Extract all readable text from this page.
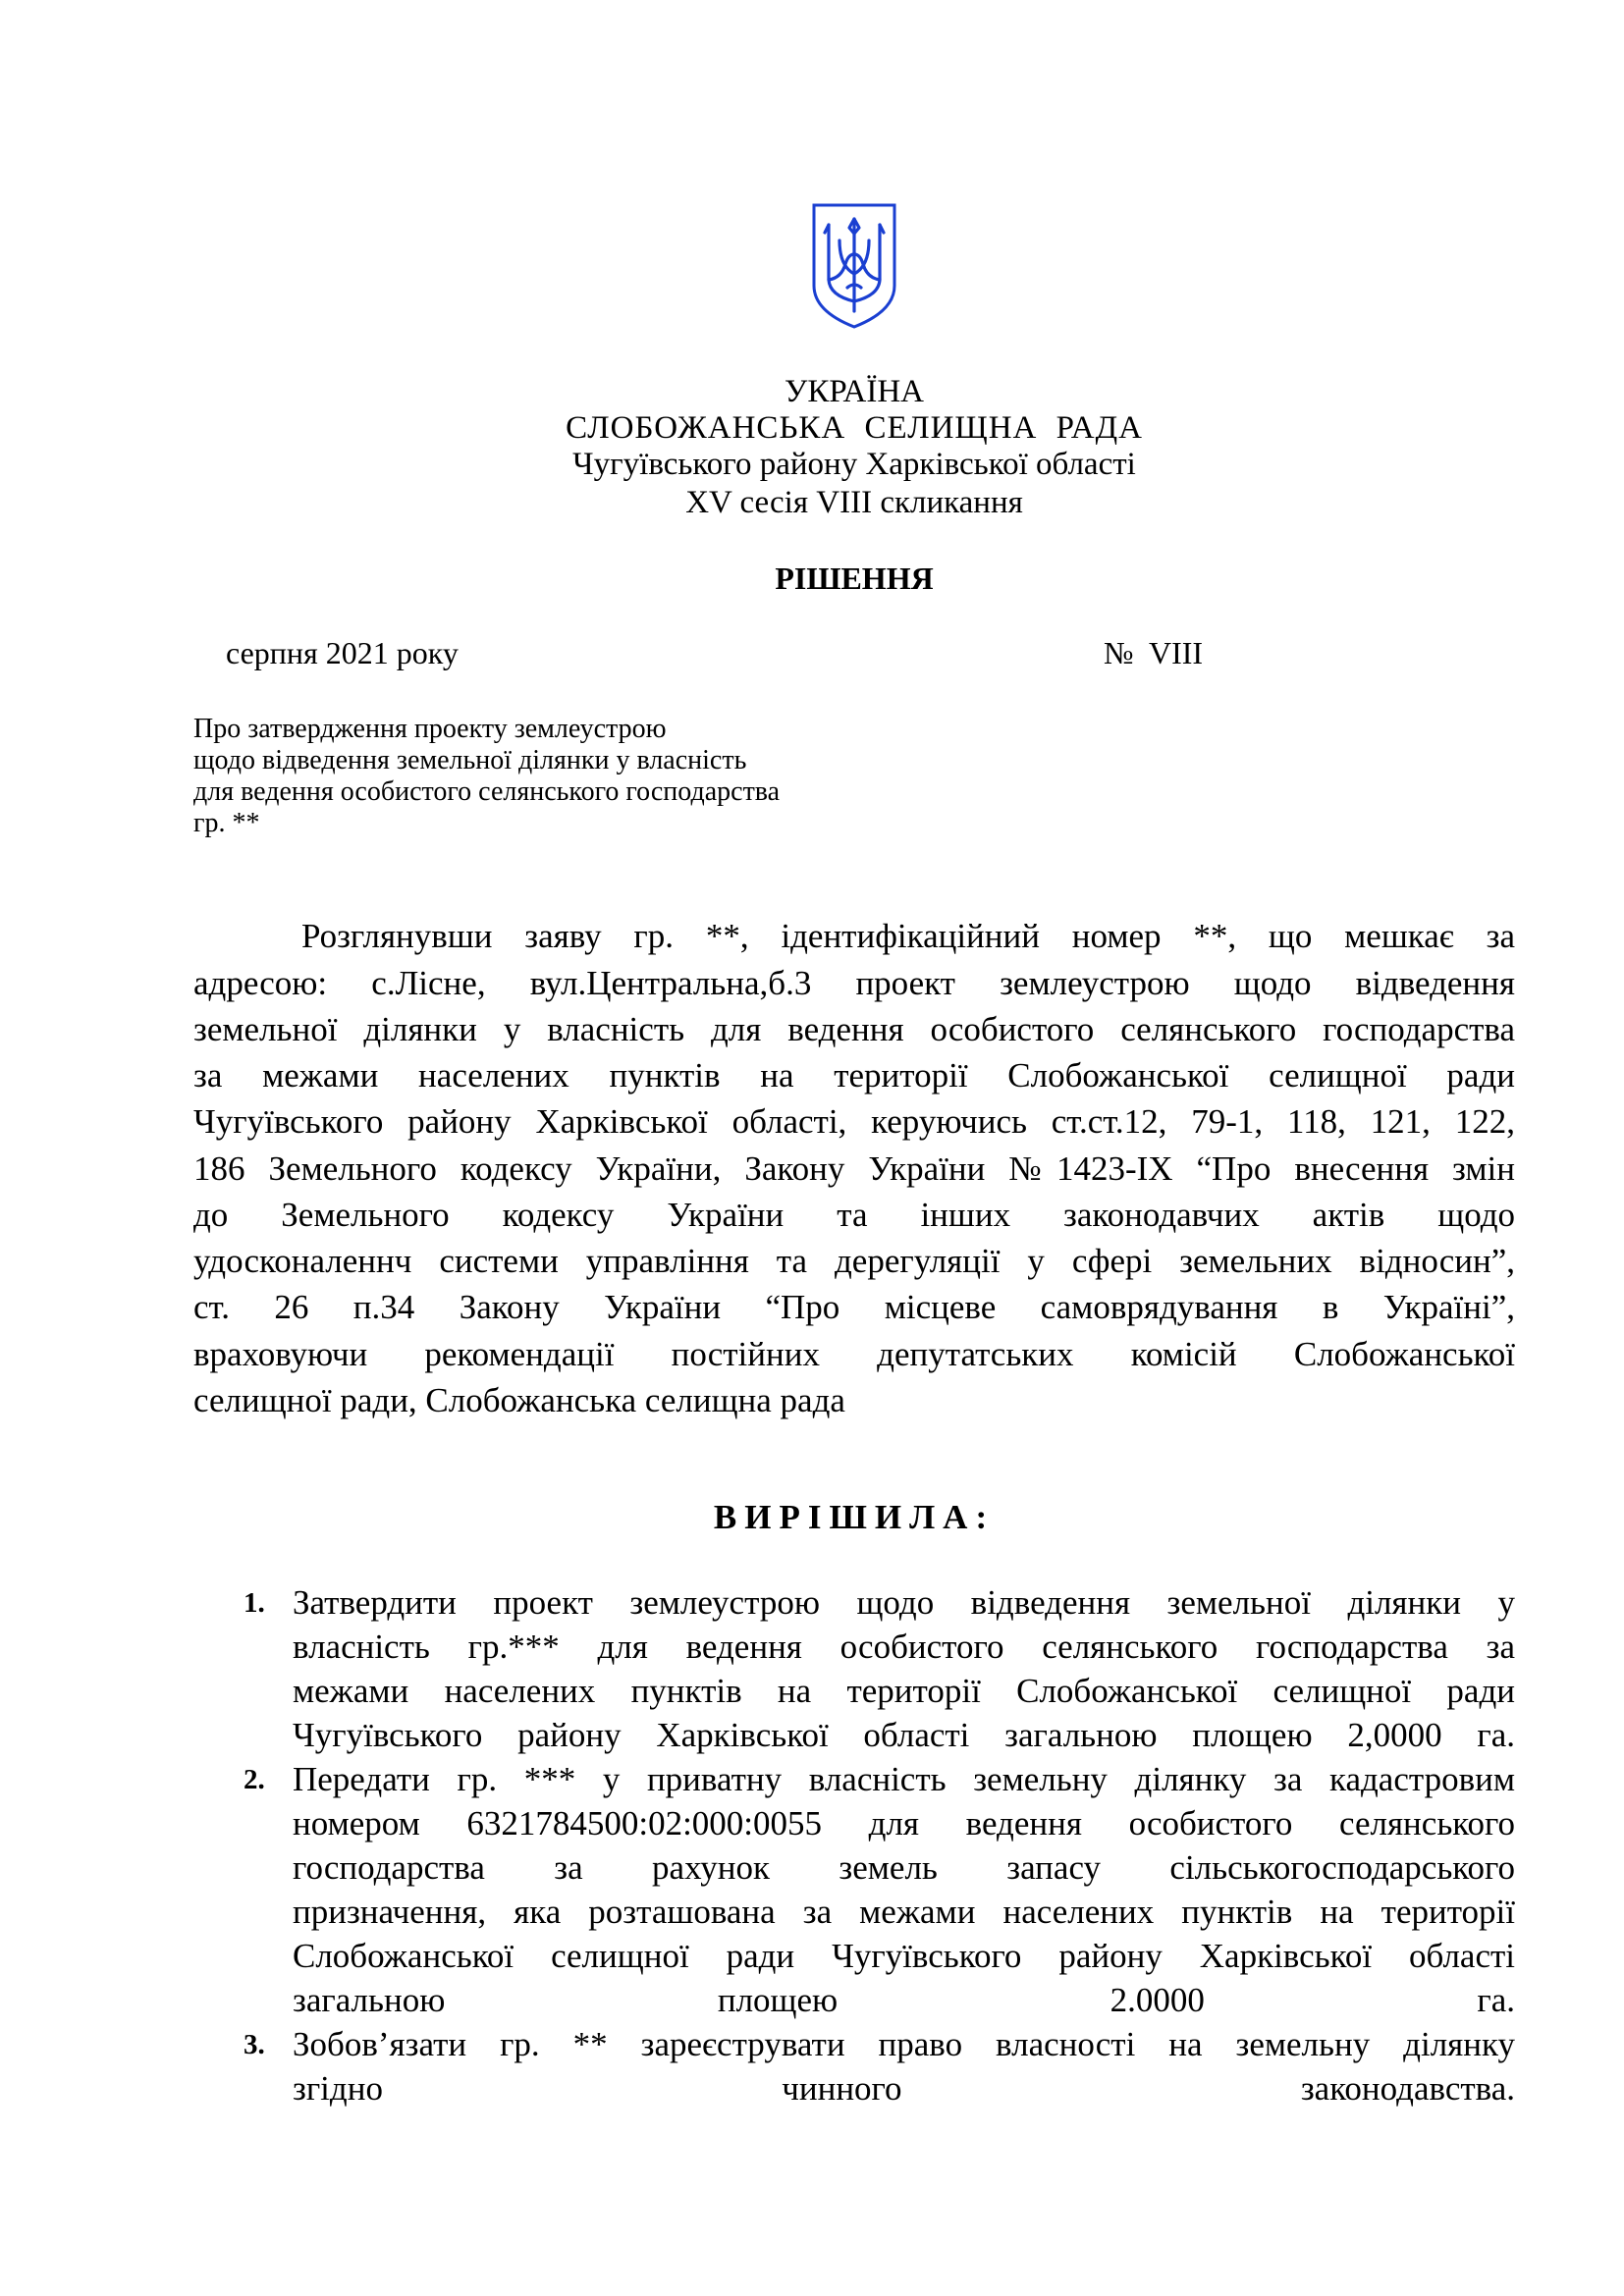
УКРАЇНА
СЛОБОЖАНСЬКА СЕЛИЩНА РАДА
Чугуївського району Харківської області
XV сесія VIII скликання
РІШЕННЯ
серпня 2021 року	№ VIII
Про затвердження проекту землеустрою
щодо відведення земельної ділянки у власність
для ведення особистого селянського господарства
гр. **
Розглянувши заяву гр. **, ідентифікаційний номер **, що мешкає за
адресою: с.Лісне, вул.Центральна,б.3 проект землеустрою щодо відведення
земельної ділянки у власність для ведення особистого селянського господарства
за межами населених пунктів на території Слобожанської селищної ради
Чугуївського району Харківської області, керуючись ст.ст.12, 79-1, 118, 121, 122,
186 Земельного кодексу України, Закону України №1423-IX “Про внесення змін
до Земельного кодексу України та інших законодавчих актів щодо
удосконаленнч системи управління та дерегуляції у сфері земельних відносин”,
ст. 26 п.34 Закону України “Про місцеве самоврядування в Україні”,
враховуючи рекомендації постійних депутатських комісій Слобожанської
селищної ради, Слобожанська селищна рада
ВИРІШИЛА:
1. Затвердити проект землеустрою щодо відведення земельної ділянки у
власність гр.*** для ведення особистого селянського господарства за
межами населених пунктів на території Слобожанської селищної ради
Чугуївського району Харківської області загальною площею 2,0000 га.
2. Передати гр. *** у приватну власність земельну ділянку за кадастровим
номером 6321784500:02:000:0055 для ведення особистого селянського
господарства за рахунок земель запасу сільськогосподарського
призначення, яка розташована за межами населених пунктів на території
Слобожанської селищної ради Чугуївського району Харківської області
загальною площею 2.0000 га.
3. Зобов’язати гр. ** зареєструвати право власності на земельну ділянку
згідно чинного законодавства.
